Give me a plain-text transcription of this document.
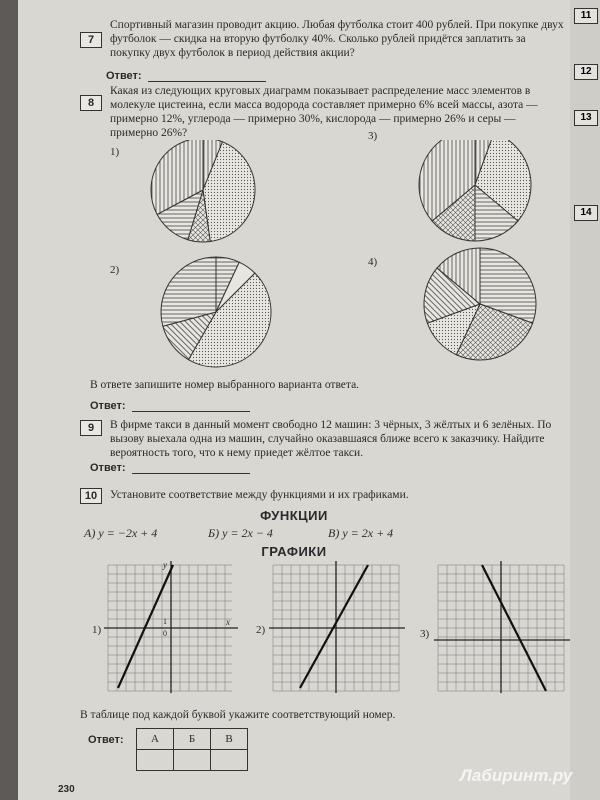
7
Спортивный магазин проводит акцию. Любая футболка стоит 400 рублей. При покупке двух футболок — скидка на вторую футболку 40%. Сколько рублей придётся заплатить за покупку двух футболок в период действия акции?
Ответ:
8
Какая из следующих круговых диаграмм показывает распределение масс элементов в молекуле цистеина, если масса водорода составляет примерно 6% всей массы, азота — примерно 12%, углерода — примерно 30%, кислорода — примерно 26% и серы — примерно 26%?
1)
2)
3)
4)
В ответе запишите номер выбранного варианта ответа.
Ответ:
9	В фирме такси в данный момент свободно 12 машин: 3 чёрных, 3 жёлтых и 6 зелёных. По вызову выехала одна из машин, случайно оказавшаяся ближе всего к заказчику. Найдите вероятность того, что к нему приедет жёлтое такси.
Ответ:
10	Установите соответствие между функциями и их графиками.
ФУНКЦИИ
А) y = −2x + 4	Б) y = 2x − 4	В) y = 2x + 4
ГРАФИКИ
1)	2)	3)
y
x
1
0
В таблице под каждой буквой укажите соответствующий номер.
Ответ: А	Б	В

230
11
12
13
14
Лабиринт.ру
